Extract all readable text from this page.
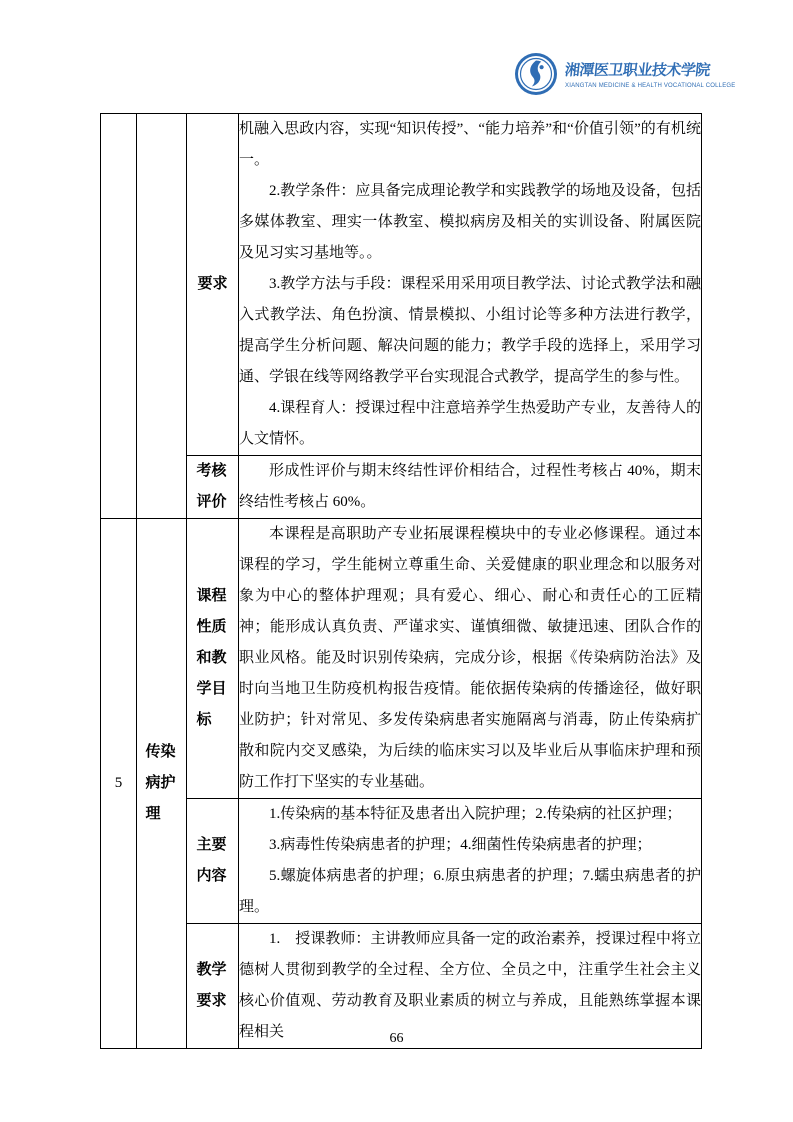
湘潭医卫职业技术学院
XIANGTAN MEDICINE & HEALTH VOCATIONAL COLLEGE
		要求	机融入思政内容，实现“知识传授”、“能力培养”和“价值引领”的有机统一。

2.教学条件：应具备完成理论教学和实践教学的场地及设备，包括多媒体教室、理实一体教室、模拟病房及相关的实训设备、附属医院及见习实习基地等。。

3.教学方法与手段：课程采用采用项目教学法、讨论式教学法和融入式教学法、角色扮演、情景模拟、小组讨论等多种方法进行教学，提高学生分析问题、解决问题的能力；教学手段的选择上，采用学习通、学银在线等网络教学平台实现混合式教学，提高学生的参与性。

4.课程育人：授课过程中注意培养学生热爱助产专业，友善待人的人文情怀。

		考核评价	形成性评价与期末终结性评价相结合，过程性考核占 40%，期末终结性考核占 60%。

5	传染病护理	课程性质和教学目标	本课程是高职助产专业拓展课程模块中的专业必修课程。通过本课程的学习，学生能树立尊重生命、关爱健康的职业理念和以服务对象为中心的整体护理观；具有爱心、细心、耐心和责任心的工匠精神；能形成认真负责、严谨求实、谨慎细微、敏捷迅速、团队合作的职业风格。能及时识别传染病，完成分诊，根据《传染病防治法》及时向当地卫生防疫机构报告疫情。能依据传染病的传播途径，做好职业防护；针对常见、多发传染病患者实施隔离与消毒，防止传染病扩散和院内交叉感染，为后续的临床实习以及毕业后从事临床护理和预防工作打下坚实的专业基础。

		主要内容	1.传染病的基本特征及患者出入院护理；2.传染病的社区护理；

3.病毒性传染病患者的护理；4.细菌性传染病患者的护理；

5.螺旋体病患者的护理；6.原虫病患者的护理；7.蠕虫病患者的护理。

		教学要求	1.　授课教师：主讲教师应具备一定的政治素养，授课过程中将立德树人贯彻到教学的全过程、全方位、全员之中，注重学生社会主义核心价值观、劳动教育及职业素质的树立与养成，且能熟练掌握本课程相关	66
